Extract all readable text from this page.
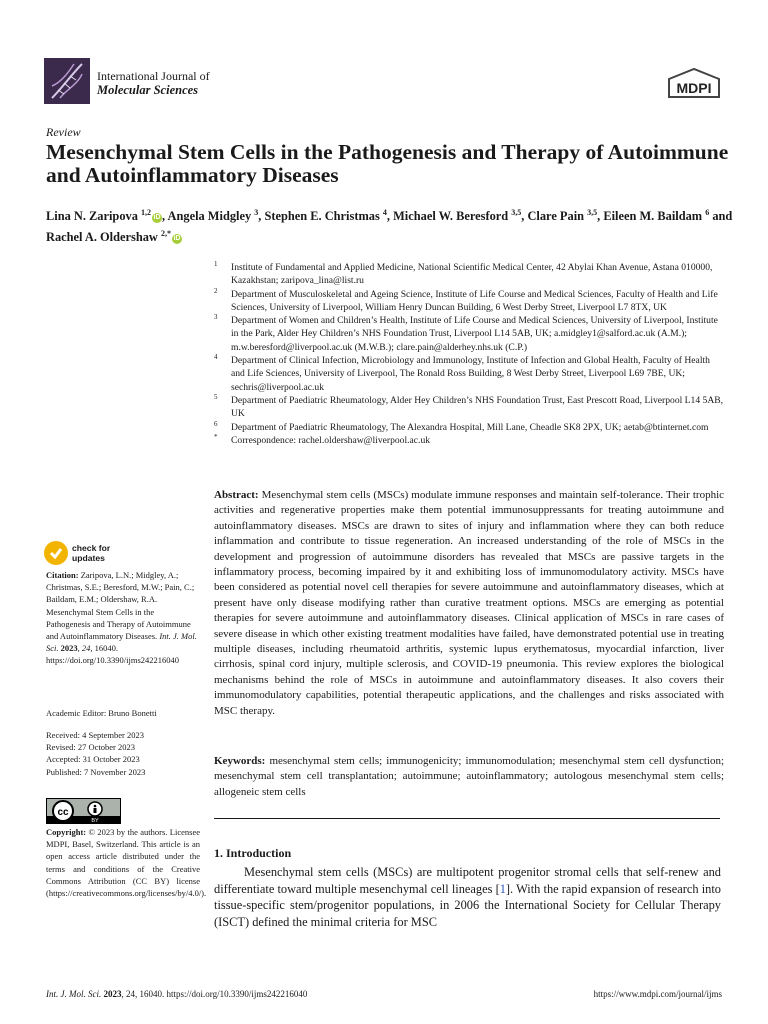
International Journal of
Molecular Sciences	MDPI
Review
Mesenchymal Stem Cells in the Pathogenesis and Therapy of Autoimmune and Autoinflammatory Diseases
Lina N. Zaripova $^{1,2}$iD , Angela Midgley $^3$, Stephen E. Christmas $^4$, Michael W. Beresford $^{3,5}$, Clare Pain $^{3,5}$, Eileen M. Baildam $^6$ and Rachel A. Oldershaw $^{2,*}$iD
1 Institute of Fundamental and Applied Medicine, National Scientific Medical Center, 42 Abylai Khan Avenue, Astana 010000, Kazakhstan; zaripova_lina@list.ru
2 Department of Musculoskeletal and Ageing Science, Institute of Life Course and Medical Sciences, Faculty of Health and Life Sciences, University of Liverpool, William Henry Duncan Building, 6 West Derby Street, Liverpool L7 8TX, UK
3 Department of Women and Children’s Health, Institute of Life Course and Medical Sciences, University of Liverpool, Institute in the Park, Alder Hey Children’s NHS Foundation Trust, Liverpool L14 5AB, UK; a.midgley1@salford.ac.uk (A.M.); m.w.beresford@liverpool.ac.uk (M.W.B.); clare.pain@alderhey.nhs.uk (C.P.)
4 Department of Clinical Infection, Microbiology and Immunology, Institute of Infection and Global Health, Faculty of Health and Life Sciences, University of Liverpool, The Ronald Ross Building, 8 West Derby Street, Liverpool L69 7BE, UK; sechris@liverpool.ac.uk
5 Department of Paediatric Rheumatology, Alder Hey Children’s NHS Foundation Trust, East Prescott Road, Liverpool L14 5AB, UK
6 Department of Paediatric Rheumatology, The Alexandra Hospital, Mill Lane, Cheadle SK8 2PX, UK; aetab@btinternet.com
* Correspondence: rachel.oldershaw@liverpool.ac.uk
Abstract: Mesenchymal stem cells (MSCs) modulate immune responses and maintain self-tolerance. Their trophic activities and regenerative properties make them potential immunosuppressants for treating autoimmune and autoinflammatory diseases. MSCs are drawn to sites of injury and inflammation where they can both reduce inflammation and contribute to tissue regeneration. An increased understanding of the role of MSCs in the development and progression of autoimmune disorders has revealed that MSCs are passive targets in the inflammatory process, becoming impaired by it and exhibiting loss of immunomodulatory activity. MSCs have been considered as potential novel cell therapies for severe autoimmune and autoinflammatory diseases, which at present have only disease modifying rather than curative treatment options. MSCs are emerging as potential therapies for severe autoimmune and autoinflammatory diseases. Clinical application of MSCs in rare cases of severe disease in which other existing treatment modalities have failed, have demonstrated potential use in treating multiple diseases, including rheumatoid arthritis, systemic lupus erythematosus, myocardial infarction, liver cirrhosis, spinal cord injury, multiple sclerosis, and COVID-19 pneumonia. This review explores the biological mechanisms behind the role of MSCs in autoimmune and autoinflammatory diseases. It also covers their immunomodulatory capabilities, potential therapeutic applications, and the challenges and risks associated with MSC therapy.
Keywords: mesenchymal stem cells; immunogenicity; immunomodulation; mesenchymal stem cell dysfunction; mesenchymal stem cell transplantation; autoimmune; autoinflammatory; autologous mesenchymal stem cells; allogeneic stem cells
1. Introduction
Mesenchymal stem cells (MSCs) are multipotent progenitor stromal cells that self-renew and differentiate toward multiple mesenchymal cell lineages [1]. With the rapid expansion of research into tissue-specific stem/progenitor populations, in 2006 the International Society for Cellular Therapy (ISCT) defined the minimal criteria for MSC
check for
updates
Citation: Zaripova, L.N.; Midgley, A.; Christmas, S.E.; Beresford, M.W.; Pain, C.; Baildam, E.M.; Oldershaw, R.A. Mesenchymal Stem Cells in the Pathogenesis and Therapy of Autoimmune and Autoinflammatory Diseases. Int. J. Mol. Sci. 2023, 24, 16040. https://doi.org/10.3390/ijms242216040
Academic Editor: Bruno Bonetti
Received: 4 September 2023
Revised: 27 October 2023
Accepted: 31 October 2023
Published: 7 November 2023
cc
BY
Copyright: © 2023 by the authors. Licensee MDPI, Basel, Switzerland. This article is an open access article distributed under the terms and conditions of the Creative Commons Attribution (CC BY) license (https://creativecommons.org/licenses/by/4.0/).
Int. J. Mol. Sci. 2023, 24, 16040. https://doi.org/10.3390/ijms242216040	https://www.mdpi.com/journal/ijms
